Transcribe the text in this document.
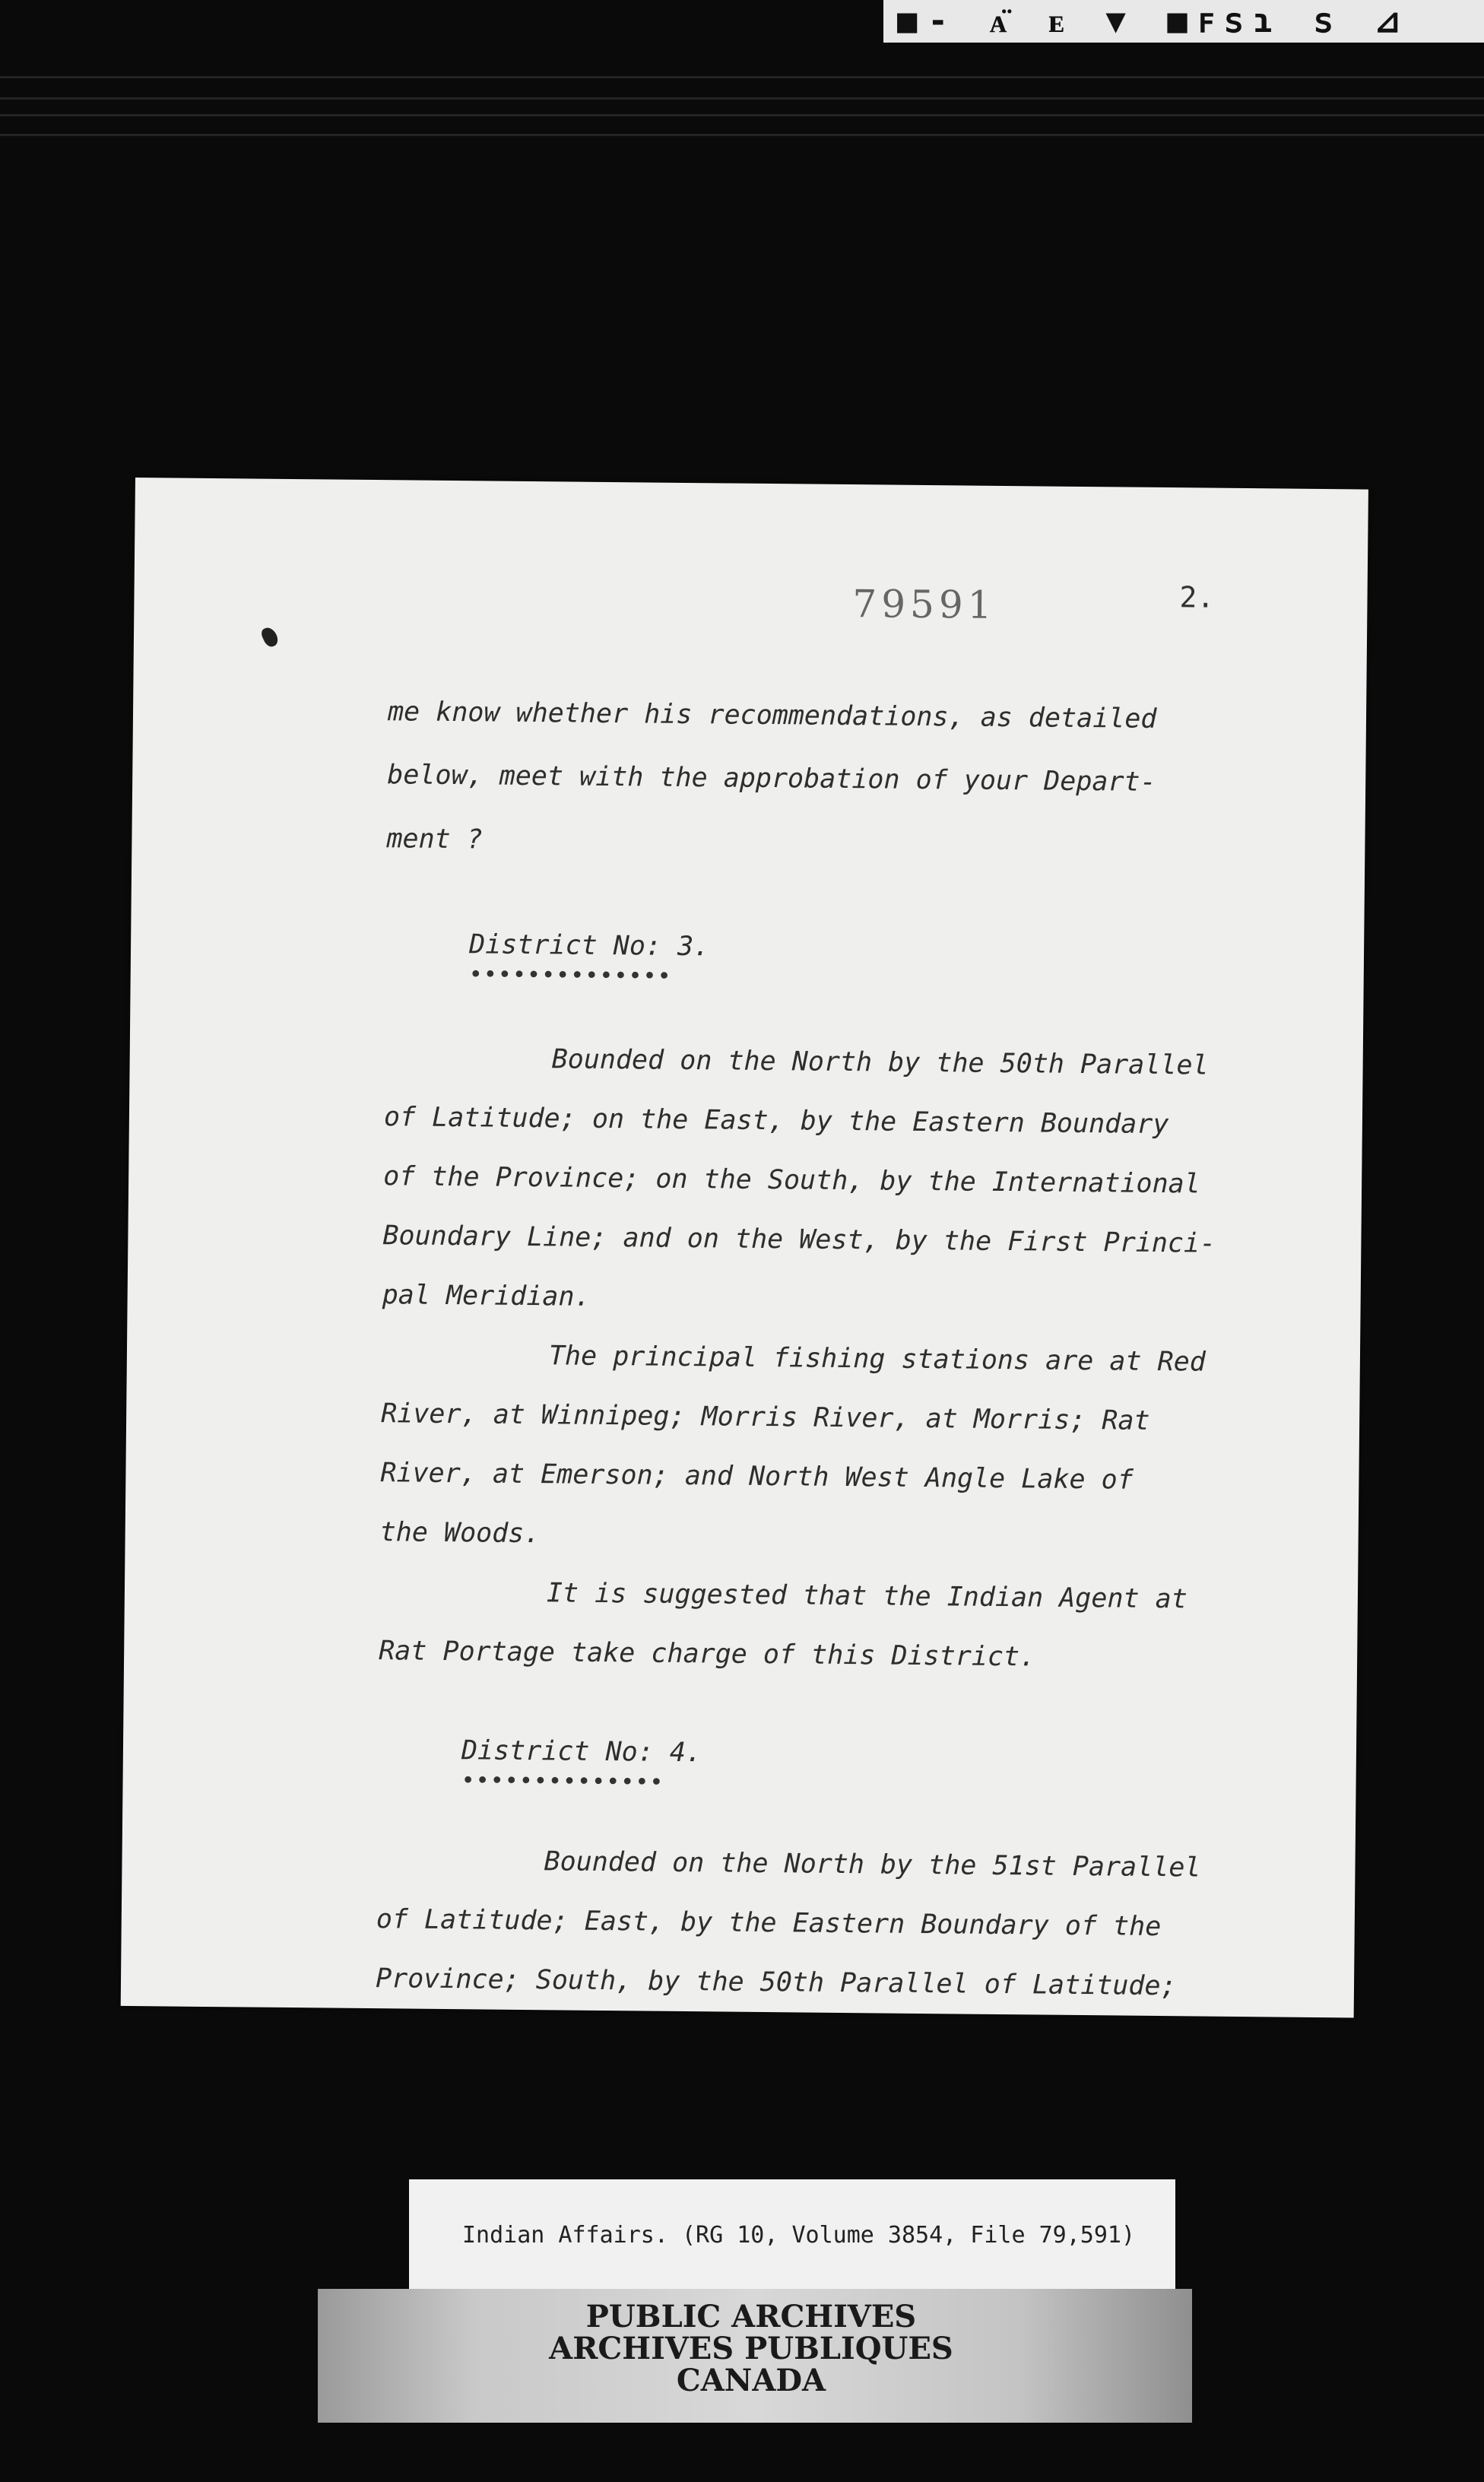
■- ᴀ̈ ᴇ ▼ ■ꜰꜱɿ ꜱ ⊿
79591	2.
me know whether his recommendations, as detailed
below, meet with the approbation of your Depart-
ment ?
District No: 3.
••••••••••••••
Bounded on the North by the 50th Parallel
of Latitude; on the East, by the Eastern Boundary
of the Province; on the South, by the International
Boundary Line; and on the West, by the First Princi-
pal Meridian.
The principal fishing stations are at Red
River, at Winnipeg; Morris River, at Morris; Rat
River, at Emerson; and North West Angle Lake of
the Woods.
It is suggested that the Indian Agent at
Rat Portage take charge of this District.
District No: 4.
••••••••••••••
Bounded on the North by the 51st Parallel
of Latitude; East, by the Eastern Boundary of the
Province; South, by the 50th Parallel of Latitude;
Indian Affairs. (RG 10, Volume 3854, File 79,591)
PUBLIC ARCHIVES
ARCHIVES PUBLIQUES
CANADA
